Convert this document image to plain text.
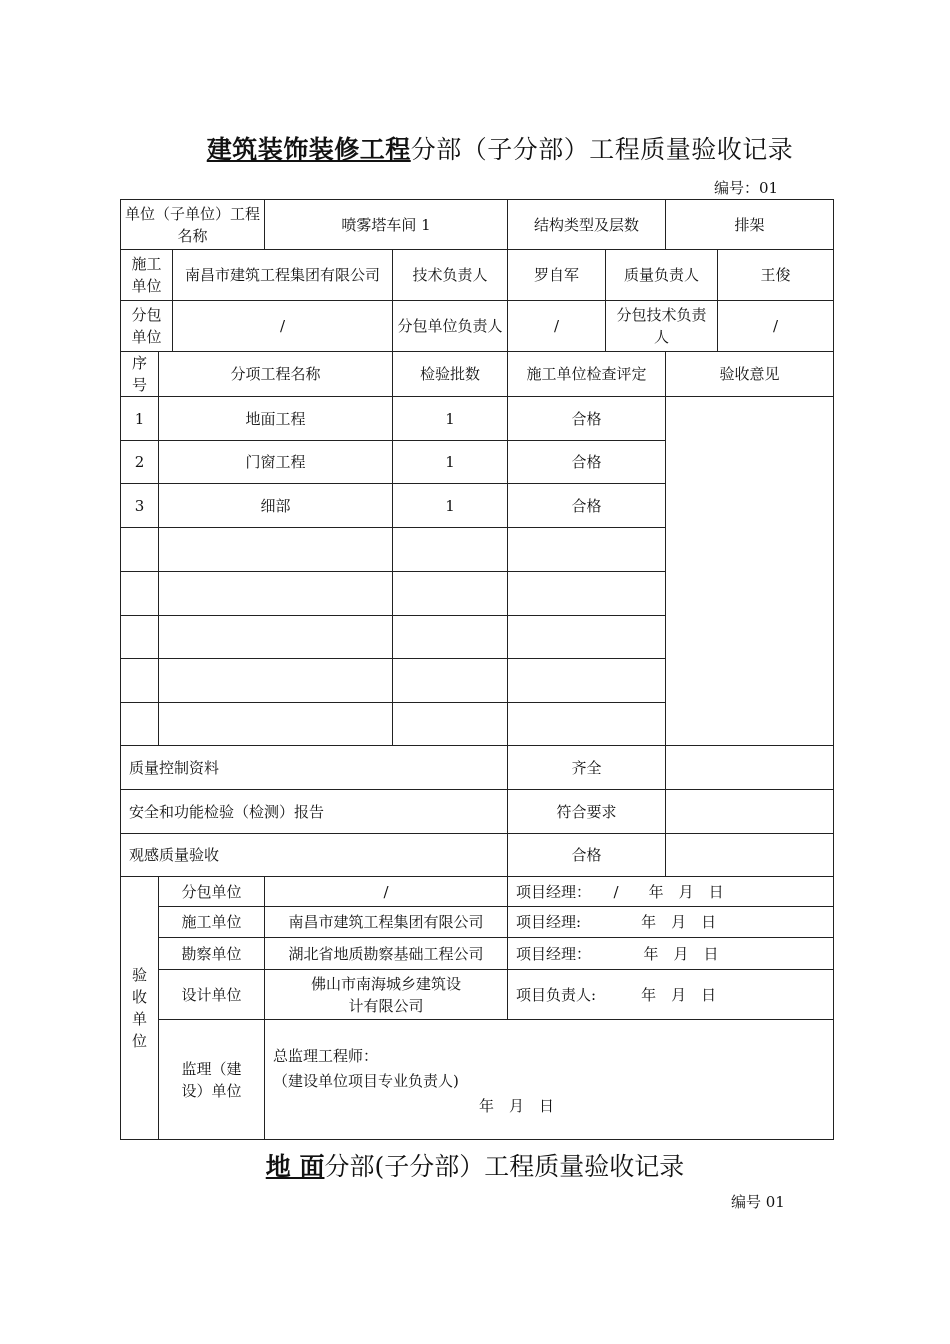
建筑装饰装修工程分部（子分部）工程质量验收记录
编号：01
单位（子单位）工程名称			喷雾塔车间 1		结构类型及层数		排架	
施工单位		南昌市建筑工程集团有限公司		技术负责人	罗自军	质量负责人		王俊
分包单位		/		分包单位负责人	/	分包技术负责人		/
序号	分项工程名称			检验批数	施工单位检查评定		验收意见	
1	地面工程			1	合格			
2	门窗工程			1	合格			
3	细部			1	合格			

质量控制资料					齐全			
安全和功能检验（检测）报告					符合要求			
观感质量验收					合格			
验收单位	分包单位		/		项目经理：　　/　　年　月　日			
	施工单位		南昌市建筑工程集团有限公司		项目经理:　　　　年　月　日			
	勘察单位		湖北省地质勘察基础工程公司		项目经理：　　　　年　月　日			
	设计单位		佛山市南海城乡建筑设计有限公司		项目负责人:　　　年　月　日			
	监理（建设）单位		总监理工程师：
（建设单位项目专业负责人)
年　月　日					
地 面分部(子分部）工程质量验收记录
编号 01
